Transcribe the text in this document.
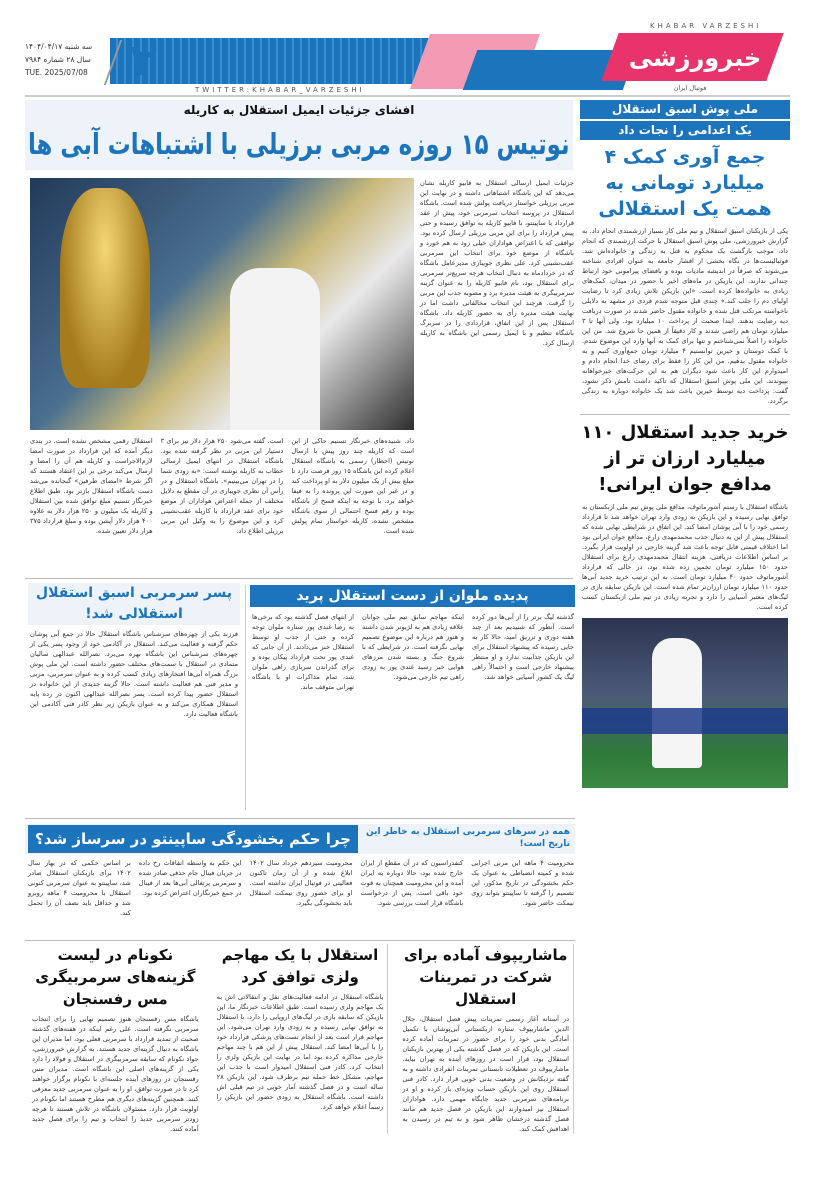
KHABAR VARZESHI
خبرورزشی
فوتبال ایران
TWITTER:KHABAR_VARZESHI
۳
سه شنبه ۱۴۰۴/۰۴/۱۷
سال ۲۸ شماره ۷۹۸۴
TUE. 2025/07/08
افشای جزئیات ایمیل استقلال به کاریله
نوتیس ۱۵ روزه مربی برزیلی با اشتباهات آبی ها
جزئیات ایمیل ارسالی استقلال به فابیو کاریله نشان می‌دهد که این باشگاه اشتباهاتی داشته و در نهایت این مربی برزیلی خواستار دریافت پولش شده است. باشگاه استقلال در پروسه انتخاب سرمربی خود، پیش از عقد قرارداد با ساپینتو، با فابیو کاریله به توافق رسیده و حتی پیش قرارداد را برای این مربی برزیلی ارسال کرده بود. توافقی که با اعتراض هواداران خیلی زود به هم خورد و باشگاه از موضع خود برای انتخاب این سرمربی عقب‌نشینی کرد. علی نظری جویباری مدیرعامل باشگاه که در خردادماه به دنبال انتخاب هرچه سریع‌تر سرمربی برای استقلال بود، نام فابیو کاریله را به عنوان گزینه سرمربیگری به هیئت مدیره برد و مصوبه جذب این مربی را گرفت. هرچند این انتخاب مخالفانی داشت اما در نهایت هیئت مدیره رأی به حضور کاریله داد. باشگاه استقلال پس از این اتفاق، قراردادی را در سربرگ باشگاه تنظیم و با ایمیل رسمی این باشگاه به کاریله ارسال کرد.
استقلال رقمی مشخص نشده است. در بندی دیگر آمده که این قرارداد در صورت امضا لازم‌الاجراست و کاریله هم آن را امضا و ارسال می‌کند برخی بر این اعتقاد هستند که اگر شرط «امضای طرفین» گنجانده می‌شد دست باشگاه استقلال بازتر بود. طبق اطلاع خبرنگار تسنیم مبلغ توافق شده بین استقلال و کاریله یک میلیون و ۲۵۰ هزار دلار به علاوه ۴۰۰ هزار دلار آپشن بوده و مبلغ قرارداد ۳۷۵ هزار دلار تعیین شده.
است. گفته می‌شود ۲۵۰ هزار دلار نیز برای ۳ دستیار این مربی در نظر گرفته شده بود. باشگاه استقلال در انتهای ایمیل ارسالی خطاب به کاریله نوشته است: «به زودی شما را در تهران می‌بینیم». باشگاه استقلال و در رأس آن نظری جویباری در آن مقطع به دلایل مختلف از جمله اعتراض هواداران از موضع خود برای عقد قرارداد با کاریله عقب‌نشینی کرد و این موضوع را به وکیل این مربی برزیلی اطلاع داد.
داد. شنیده‌های خبرنگار تسنیم حاکی از این است که کاریله چند روز پیش با ارسال نوتیس (اخطار) رسمی به باشگاه استقلال اعلام کرده این باشگاه ۱۵ روز فرصت دارد تا مبلغ بیش از یک میلیون دلار به او پرداخت کند و در غیر این صورت این پرونده را به فیفا خواهد برد. با توجه به اینکه فسخ از باشگاه بوده و رقم فسخ احتمالی از سوی باشگاه مشخص نشده، کاریله خواستار تمام پولش شده است.
ملی پوش اسبق استقلال
یک اعدامی را نجات داد
جمع آوری کمک ۴ میلیارد تومانی به همت یک استقلالی
یکی از بازیکنان اسبق استقلال و تیم ملی کار بسیار ارزشمندی انجام داد. به گزارش خبرورزشی، ملی پوش اسبق استقلال با حرکت ارزشمندی که انجام داد، موجب بازگشت یک محکوم به قتل به زندگی و خانواده‌اش شد. فوتبالیست‌ها در نگاه بخشی از اقشار جامعه به عنوان افرادی شناخته می‌شوند که صرفاً در اندیشه مادیات بوده و بافضای پیرامونی خود ارتباط چندانی ندارند. این بازیکن در ماه‌های اخیر با حضور در میدان، کمک‌های زیادی به خانواده‌ها کرده است. «این بازیکن تلاش زیادی کرد تا رضایت اولیای دم را جلب کند.» چندی قبل متوجه شدم فردی در مشهد به دلایلی ناخواسته مرتکب قتل شده و خانواده مقتول حاضر شدند در صورت دریافت دیه رضایت بدهند. ابتدا صحبت از پرداخت ۱۰ میلیارد بود. ولی آنها تا ۳ میلیارد تومان هم راضی شدند و کار دقیقاً از همین جا شروع شد. من این خانواده را اصلاً نمی‌شناختم و تنها برای کمک به آنها وارد این موضوع شدم. با کمک دوستان و خیرین توانستیم ۴ میلیارد تومان جمع‌آوری کنیم و به خانواده مقتول بدهیم. من این کار را فقط برای رضای خدا انجام دادم و امیدوارم این کار باعث شود دیگران هم به این حرکت‌های خیرخواهانه بپیوندند. این ملی پوش اسبق استقلال که تاکید داشت نامش ذکر نشود، گفت: پرداخت دیه توسط خیرین باعث شد یک خانواده دوباره به زندگی برگردد.
خرید جدید استقلال ۱۱۰ میلیارد ارزان تر از مدافع جوان ایرانی!
باشگاه استقلال با رستم آشورماتوف، مدافع ملی پوش تیم ملی ازبکستان به توافق نهایی رسیده و این بازیکن به زودی وارد تهران خواهد شد تا قرارداد رسمی خود را با آبی پوشان امضا کند. این اتفاق در شرایطی نهایی شده که استقلال پیش از این به دنبال جذب محمدمهدی زارع، مدافع جوان ایرانی بود اما اختلاف قیمتی قابل توجه باعث شد گزینه خارجی در اولویت قرار بگیرد. بر اساس اطلاعات دریافتی، هزینه انتقال محمدمهدی زارع برای استقلال حدود ۱۵۰ میلیارد تومان تخمین زده شده بود، در حالی که قرارداد آشورماتوف حدود ۴۰ میلیارد تومان است. به این ترتیب خرید جدید آبی‌ها حدود ۱۱۰ میلیارد تومان ارزان‌تر تمام شده است. این بازیکن سابقه بازی در لیگ‌های معتبر آسیایی را دارد و تجربه زیادی در تیم ملی ازبکستان کسب کرده است.
پسر سرمربی اسبق استقلال استقلالی شد!
فرزند یکی از چهره‌های سرشناس باشگاه استقلال حالا در جمع آبی پوشان حکم گرفته و فعالیت می‌کند. استقلال در آکادمی خود از وجود پسر یکی از چهره‌های سرشناس این باشگاه بهره می‌برد. نصرالله عبدالهی سالیان متمادی در استقلال با سمت‌های مختلف حضور داشته است. این ملی پوش بزرگ همراه آبی‌ها افتخارهای زیادی کسب کرده و به عنوان سرمربی، مربی و مدیر فنی هم فعالیت داشته است. حالا گزینه جدیدی از این خانواده در استقلال حضور پیدا کرده است. پسر نصرالله عبدالهی اکنون در رده پایه استقلال همکاری می‌کند و به عنوان بازیکن زیر نظر کادر فنی آکادمی این باشگاه فعالیت دارد.
پدیده ملوان از دست استقلال پرید
از انتهای فصل گذشته بود که برخی‌ها به رضا غندی پور ستاره ملوان توجه کرده و حتی از جذب او توسط استقلال خبر می‌دادند. از آن جایی که غندی پور تحت قرارداد پیکان بوده و برای گذراندن سربازی راهی ملوان شد، تمام مذاکرات او با باشگاه تهرانی متوقف ماند.
اینکه مهاجم سابق تیم ملی جوانان علاقه زیادی هم به لژیونر شدن داشته و هنوز هم درباره این موضوع تصمیم نهایی نگرفته است. در شرایطی که با شروع جنگ و بسته شدن مرزهای هوایی خبر رسید غندی پور به زودی راهی تیم خارجی می‌شود.
گذشته لیگ برتر را از آبی‌ها دور کرده است. آنطور که شنیدیم بعد از چند هفته دوری و تزریق امید، حالا کار به جایی رسیده که پیشنهاد استقلال برای این بازیکن جذابیت ندارد و او منتظر پیشنهاد خارجی است و احتمالاً راهی لیگ یک کشور آسیایی خواهد شد.
چرا حکم بخشودگی ساپینتو در سرساز شد؟ همه در سرهای سرمربی استقلال به خاطر این تاریخ است!
بر اساس حکمی که در بهار سال ۱۴۰۲ برای بازیکنان استقلال صادر شد، ساپینتو به عنوان سرمربی کنونی استقلال با محرومیت ۴ ماهه روبرو شد و حداقل باید نصف آن را تحمل کند.
این حکم به واسطه اتفاقات رخ داده در جریان فینال جام حذفی صادر شده و سرمربی پرتغالی آبی‌ها بعد از فینال در جمع خبرنگاران اعتراض کرده بود.
محرومیت سیزدهم خرداد سال ۱۴۰۲ ابلاغ شده و از آن زمان تاکنون فعالیتی در فوتبال ایران نداشته است. او برای حضور روی نیمکت استقلال باید بخشودگی بگیرد.
کنفدراسیون که در آن مقطع از ایران خارج شده بود، حالا دوباره به ایران آمده و این محرومیت همچنان به قوت خود باقی است. پس از درخواست باشگاه قرار است بررسی شود.
محرومیت ۴ ماهه این مربی اجرایی شده و کمیته انضباطی به عنوان یک حکم بخشودگی در تاریخ مذکور، این تصمیم را گرفته تا ساپینتو بتواند روی نیمکت حاضر شود.
نکونام در لیست گزینه‌های سرمربیگری مس رفسنجان
باشگاه مس رفسنجان هنوز تصمیم نهایی را برای انتخاب سرمربی نگرفته است. علی رغم اینکه در هفته‌های گذشته صحبت از تمدید قرارداد با سرمربی فعلی بود، اما مدیران این باشگاه به دنبال گزینه‌ای جدید هستند. به گزارش خبرورزشی، جواد نکونام که سابقه سرمربیگری در استقلال و فولاد را دارد یکی از گزینه‌های اصلی این باشگاه است. مدیران مس رفسنجان در روزهای آینده جلسه‌ای با نکونام برگزار خواهند کرد تا در صورت توافق، او را به عنوان سرمربی جدید معرفی کنند. همچنین گزینه‌های دیگری هم مطرح هستند اما نکونام در اولویت قرار دارد. مسئولان باشگاه در تلاش هستند تا هرچه زودتر سرمربی جدید را انتخاب و تیم را برای فصل جدید آماده کنند.
استقلال با یک مهاجم ولزی توافق کرد
باشگاه استقلال در ادامه فعالیت‌های نقل و انتقالاتی اش به یک مهاجم ولزی رسیده است. طبق اطلاعات خبرنگار ما، این بازیکن که سابقه بازی در لیگ‌های اروپایی را دارد، با استقلال به توافق نهایی رسیده و به زودی وارد تهران می‌شود. این مهاجم قرار است بعد از انجام تست‌های پزشکی قرارداد خود را با آبی‌ها امضا کند. استقلال پیش از این هم با چند مهاجم خارجی مذاکره کرده بود اما در نهایت این بازیکن ولزی را انتخاب کرد. کادر فنی استقلال امیدوار است با جذب این مهاجم، مشکل خط حمله تیم برطرف شود. این بازیکن ۲۸ ساله است و در فصل گذشته آمار خوبی در تیم قبلی اش داشته است. باشگاه استقلال به زودی حضور این بازیکن را رسماً اعلام خواهد کرد.
ماشاریپوف آماده برای شرکت در تمرینات استقلال
در آستانه آغاز رسمی تمرینات پیش فصل استقلال، جلال الدین ماشاریپوف ستاره ازبکستانی آبی‌پوشان با تکمیل آمادگی بدنی خود را برای حضور در تمرینات آماده کرده است. این بازیکن که در فصل گذشته یکی از بهترین بازیکنان استقلال بود، قرار است در روزهای آینده به تهران بیاید. ماشاریپوف در تعطیلات تابستانی تمرینات انفرادی داشته و به گفته نزدیکانش در وضعیت بدنی خوبی قرار دارد. کادر فنی استقلال روی این بازیکن حساب ویژه‌ای باز کرده و او در برنامه‌های سرمربی جدید جایگاه مهمی دارد. هواداران استقلال نیز امیدوارند این بازیکن در فصل جدید هم مانند فصل گذشته درخشان ظاهر شود و به تیم در رسیدن به اهدافش کمک کند.
